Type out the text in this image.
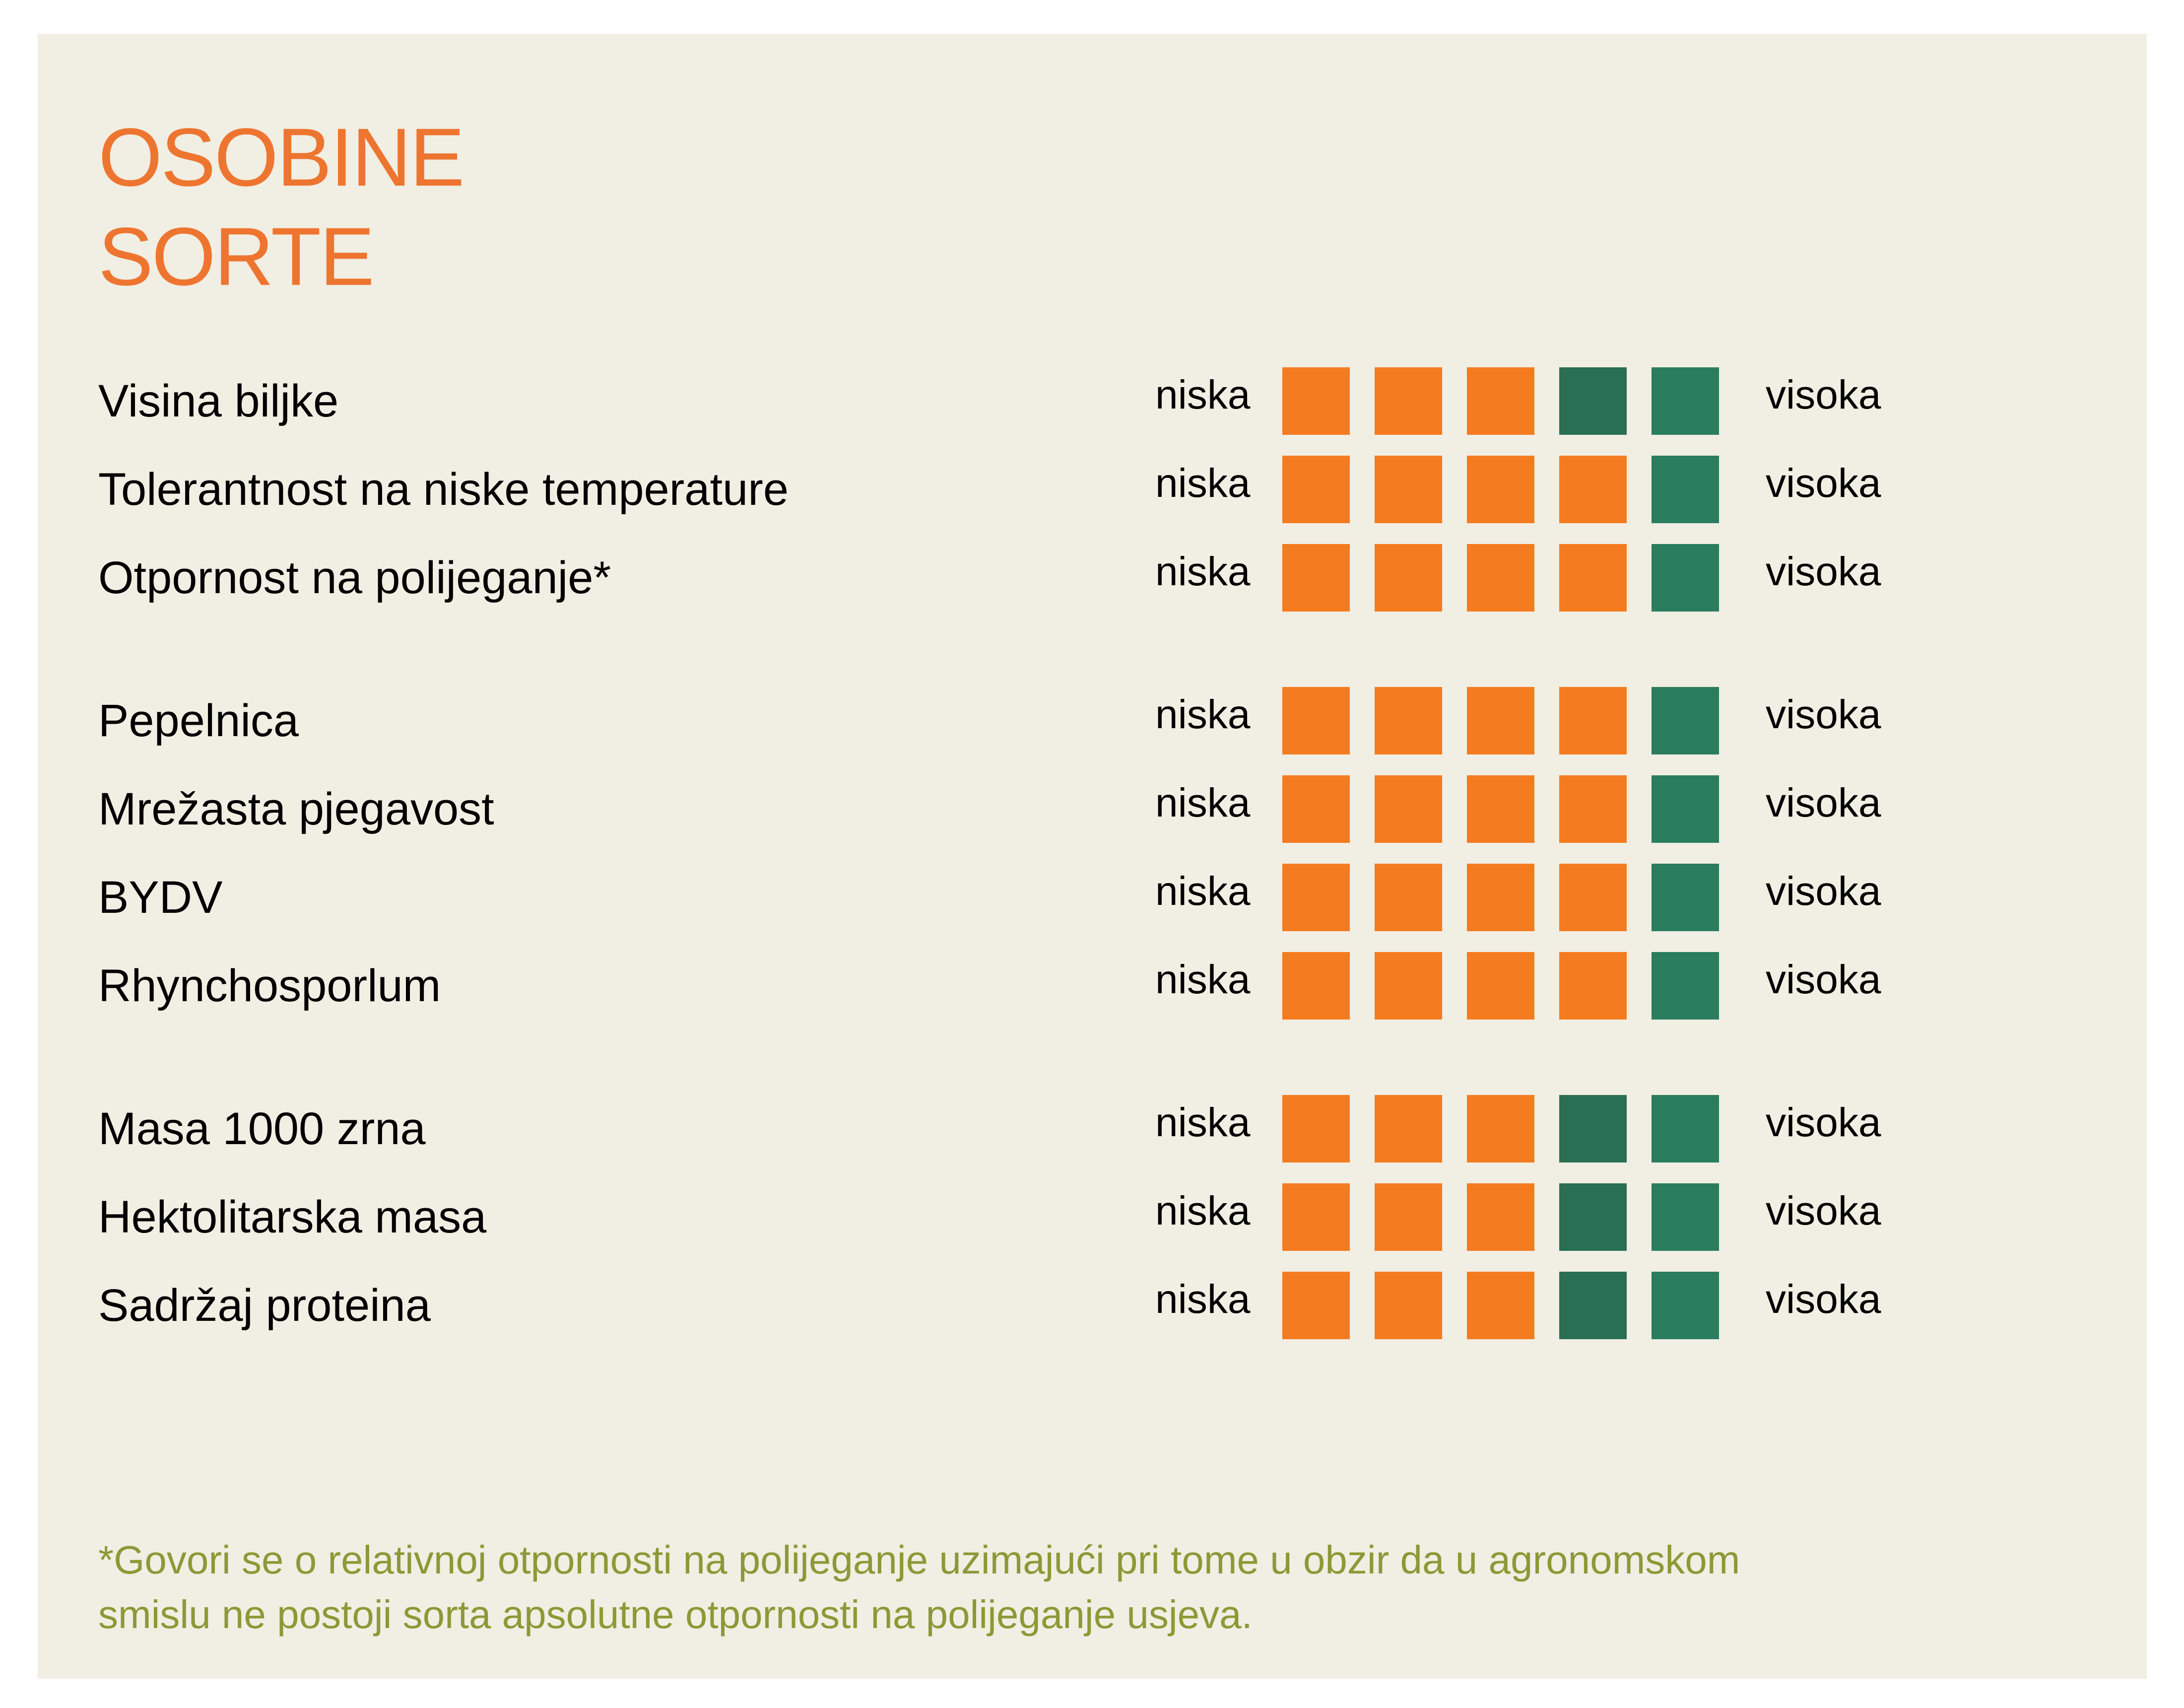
OSOBINE
SORTE
Visina biljke	niska	visoka
Tolerantnost na niske temperature	niska	visoka
Otpornost na polijeganje*	niska	visoka
Pepelnica	niska	visoka
Mrežasta pjegavost	niska	visoka
BYDV	niska	visoka
Rhynchosporlum	niska	visoka
Masa 1000 zrna	niska	visoka
Hektolitarska masa	niska	visoka
Sadržaj proteina	niska	visoka
*Govori se o relativnoj otpornosti na polijeganje uzimajući pri tome u obzir da u agronomskom
smislu ne postoji sorta apsolutne otpornosti na polijeganje usjeva.
